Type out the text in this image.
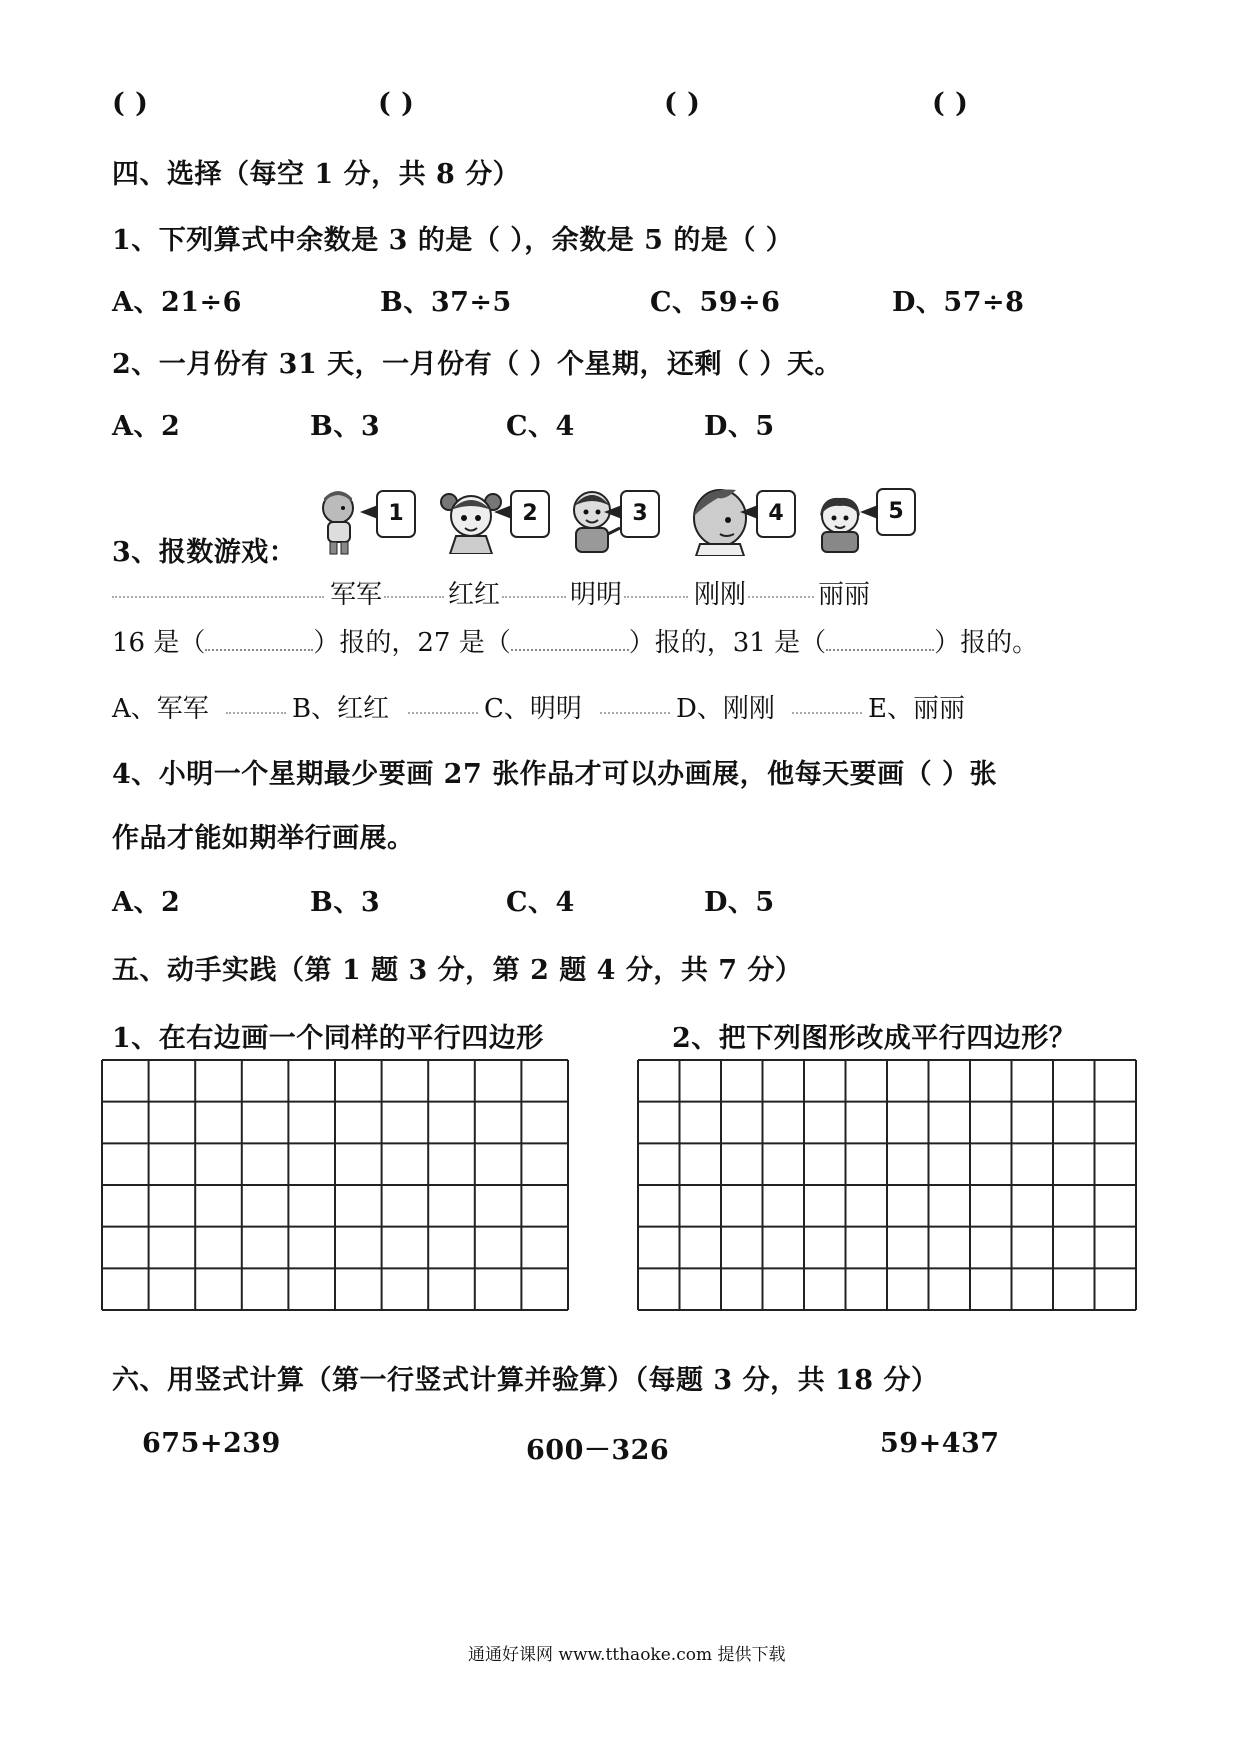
( )	( )	( )	( )
四、选择（每空 1 分，共 8 分）
1、下列算式中余数是 3 的是（ ），余数是 5 的是（ ）
A、21÷6	B、37÷5	C、59÷6	D、57÷8
2、一月份有 31 天，一月份有（ ）个星期，还剩（ ）天。
A、2	B、3	C、4	D、5
3、报数游戏：
1	2	3	4	5
军军	红红	明明	刚刚	丽丽
16 是（	）报的，27 是（	）报的，31 是（	）报的。
A、军军	B、红红	C、明明	D、刚刚	E、丽丽
4、小明一个星期最少要画 27 张作品才可以办画展，他每天要画（ ）张
作品才能如期举行画展。
A、2	B、3	C、4	D、5
五、动手实践（第 1 题 3 分，第 2 题 4 分，共 7 分）
1、在右边画一个同样的平行四边形	2、把下列图形改成平行四边形？
六、用竖式计算（第一行竖式计算并验算）（每题 3 分，共 18 分）
675+239	600－326	59+437
通通好课网 www.tthaoke.com 提供下载
